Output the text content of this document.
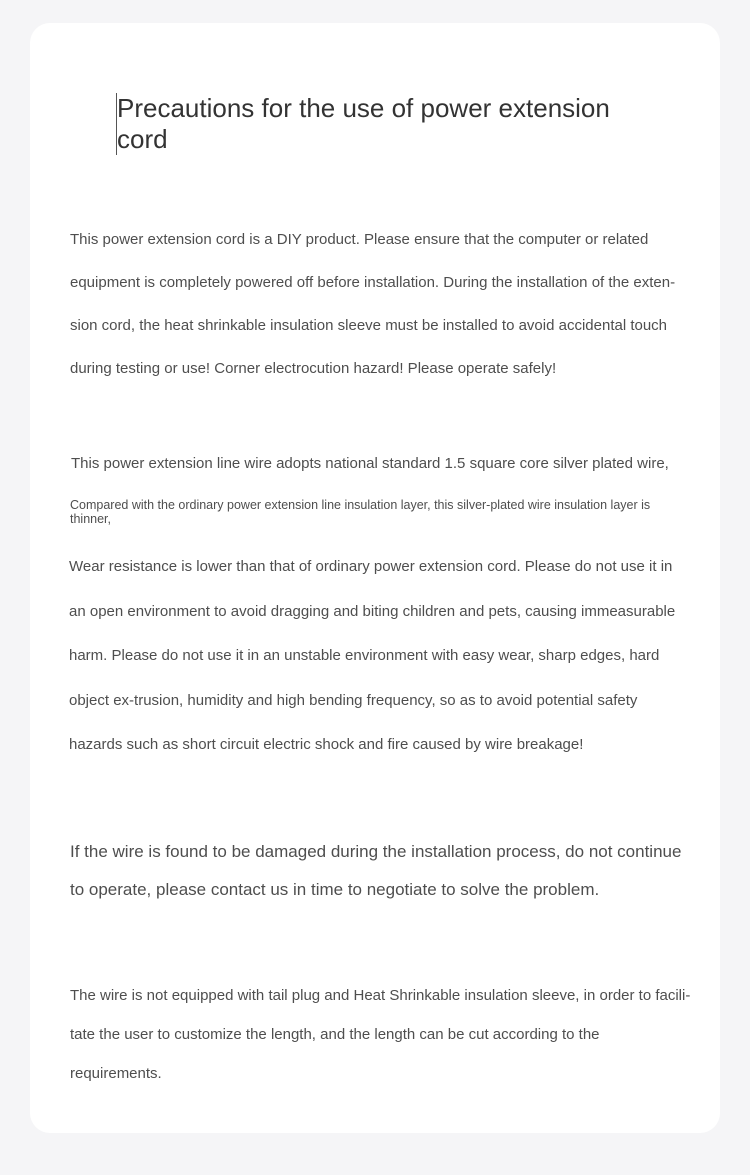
Precautions for the use of power extension cord

This power extension cord is a DIY product. Please ensure that the computer or related equipment is completely powered off before installation. During the installation of the exten-sion cord, the heat shrinkable insulation sleeve must be installed to avoid accidental touch during testing or use! Corner electrocution hazard! Please operate safely!

This power extension line wire adopts national standard 1.5 square core silver plated wire,

Compared with the ordinary power extension line insulation layer, this silver-plated wire insulation layer is thinner,

Wear resistance is lower than that of ordinary power extension cord. Please do not use it in an open environment to avoid dragging and biting children and pets, causing immeasurable harm. Please do not use it in an unstable environment with easy wear, sharp edges, hard object ex-trusion, humidity and high bending frequency, so as to avoid potential safety hazards such as short circuit electric shock and fire caused by wire breakage!

If the wire is found to be damaged during the installation process, do not continue to operate, please contact us in time to negotiate to solve the problem.

The wire is not equipped with tail plug and Heat Shrinkable insulation sleeve, in order to facili-tate the user to customize the length, and the length can be cut according to the requirements.
